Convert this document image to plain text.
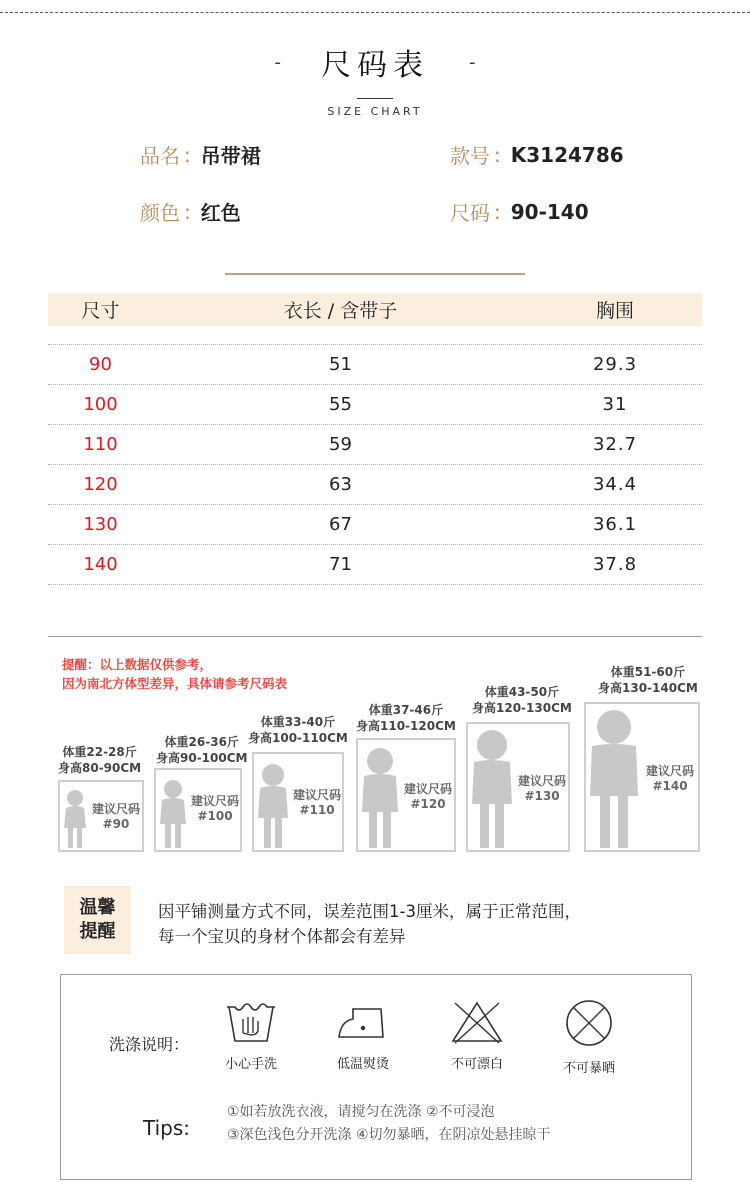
- 尺码表 -
SIZE CHART
品名 : 吊带裙	款号 : K3124786
颜色 : 红色	尺码 : 90-140
尺寸	衣长 / 含带子	胸围
90	51	29.3
100	55	31
110	59	32.7
120	63	34.4
130	67	36.1
140	71	37.8
提醒：以上数据仅供参考，
因为南北方体型差异，具体请参考尺码表
体重22-28斤
身高80-90CM
建议尺码
#90
体重26-36斤
身高90-100CM
建议尺码
#100
体重33-40斤
身高100-110CM
建议尺码
#110
体重37-46斤
身高110-120CM
建议尺码
#120
体重43-50斤
身高120-130CM
建议尺码
#130
体重51-60斤
身高130-140CM
建议尺码
#140
温馨
提醒
因平铺测量方式不同，误差范围1-3厘米，属于正常范围，
每一个宝贝的身材个体都会有差异
洗涤说明：
小心手洗	低温熨烫	不可漂白	不可暴晒
Tips:
①如若放洗衣液，请搅匀在洗涤 ②不可浸泡
③深色浅色分开洗涤 ④切勿暴晒，在阴凉处悬挂晾干
